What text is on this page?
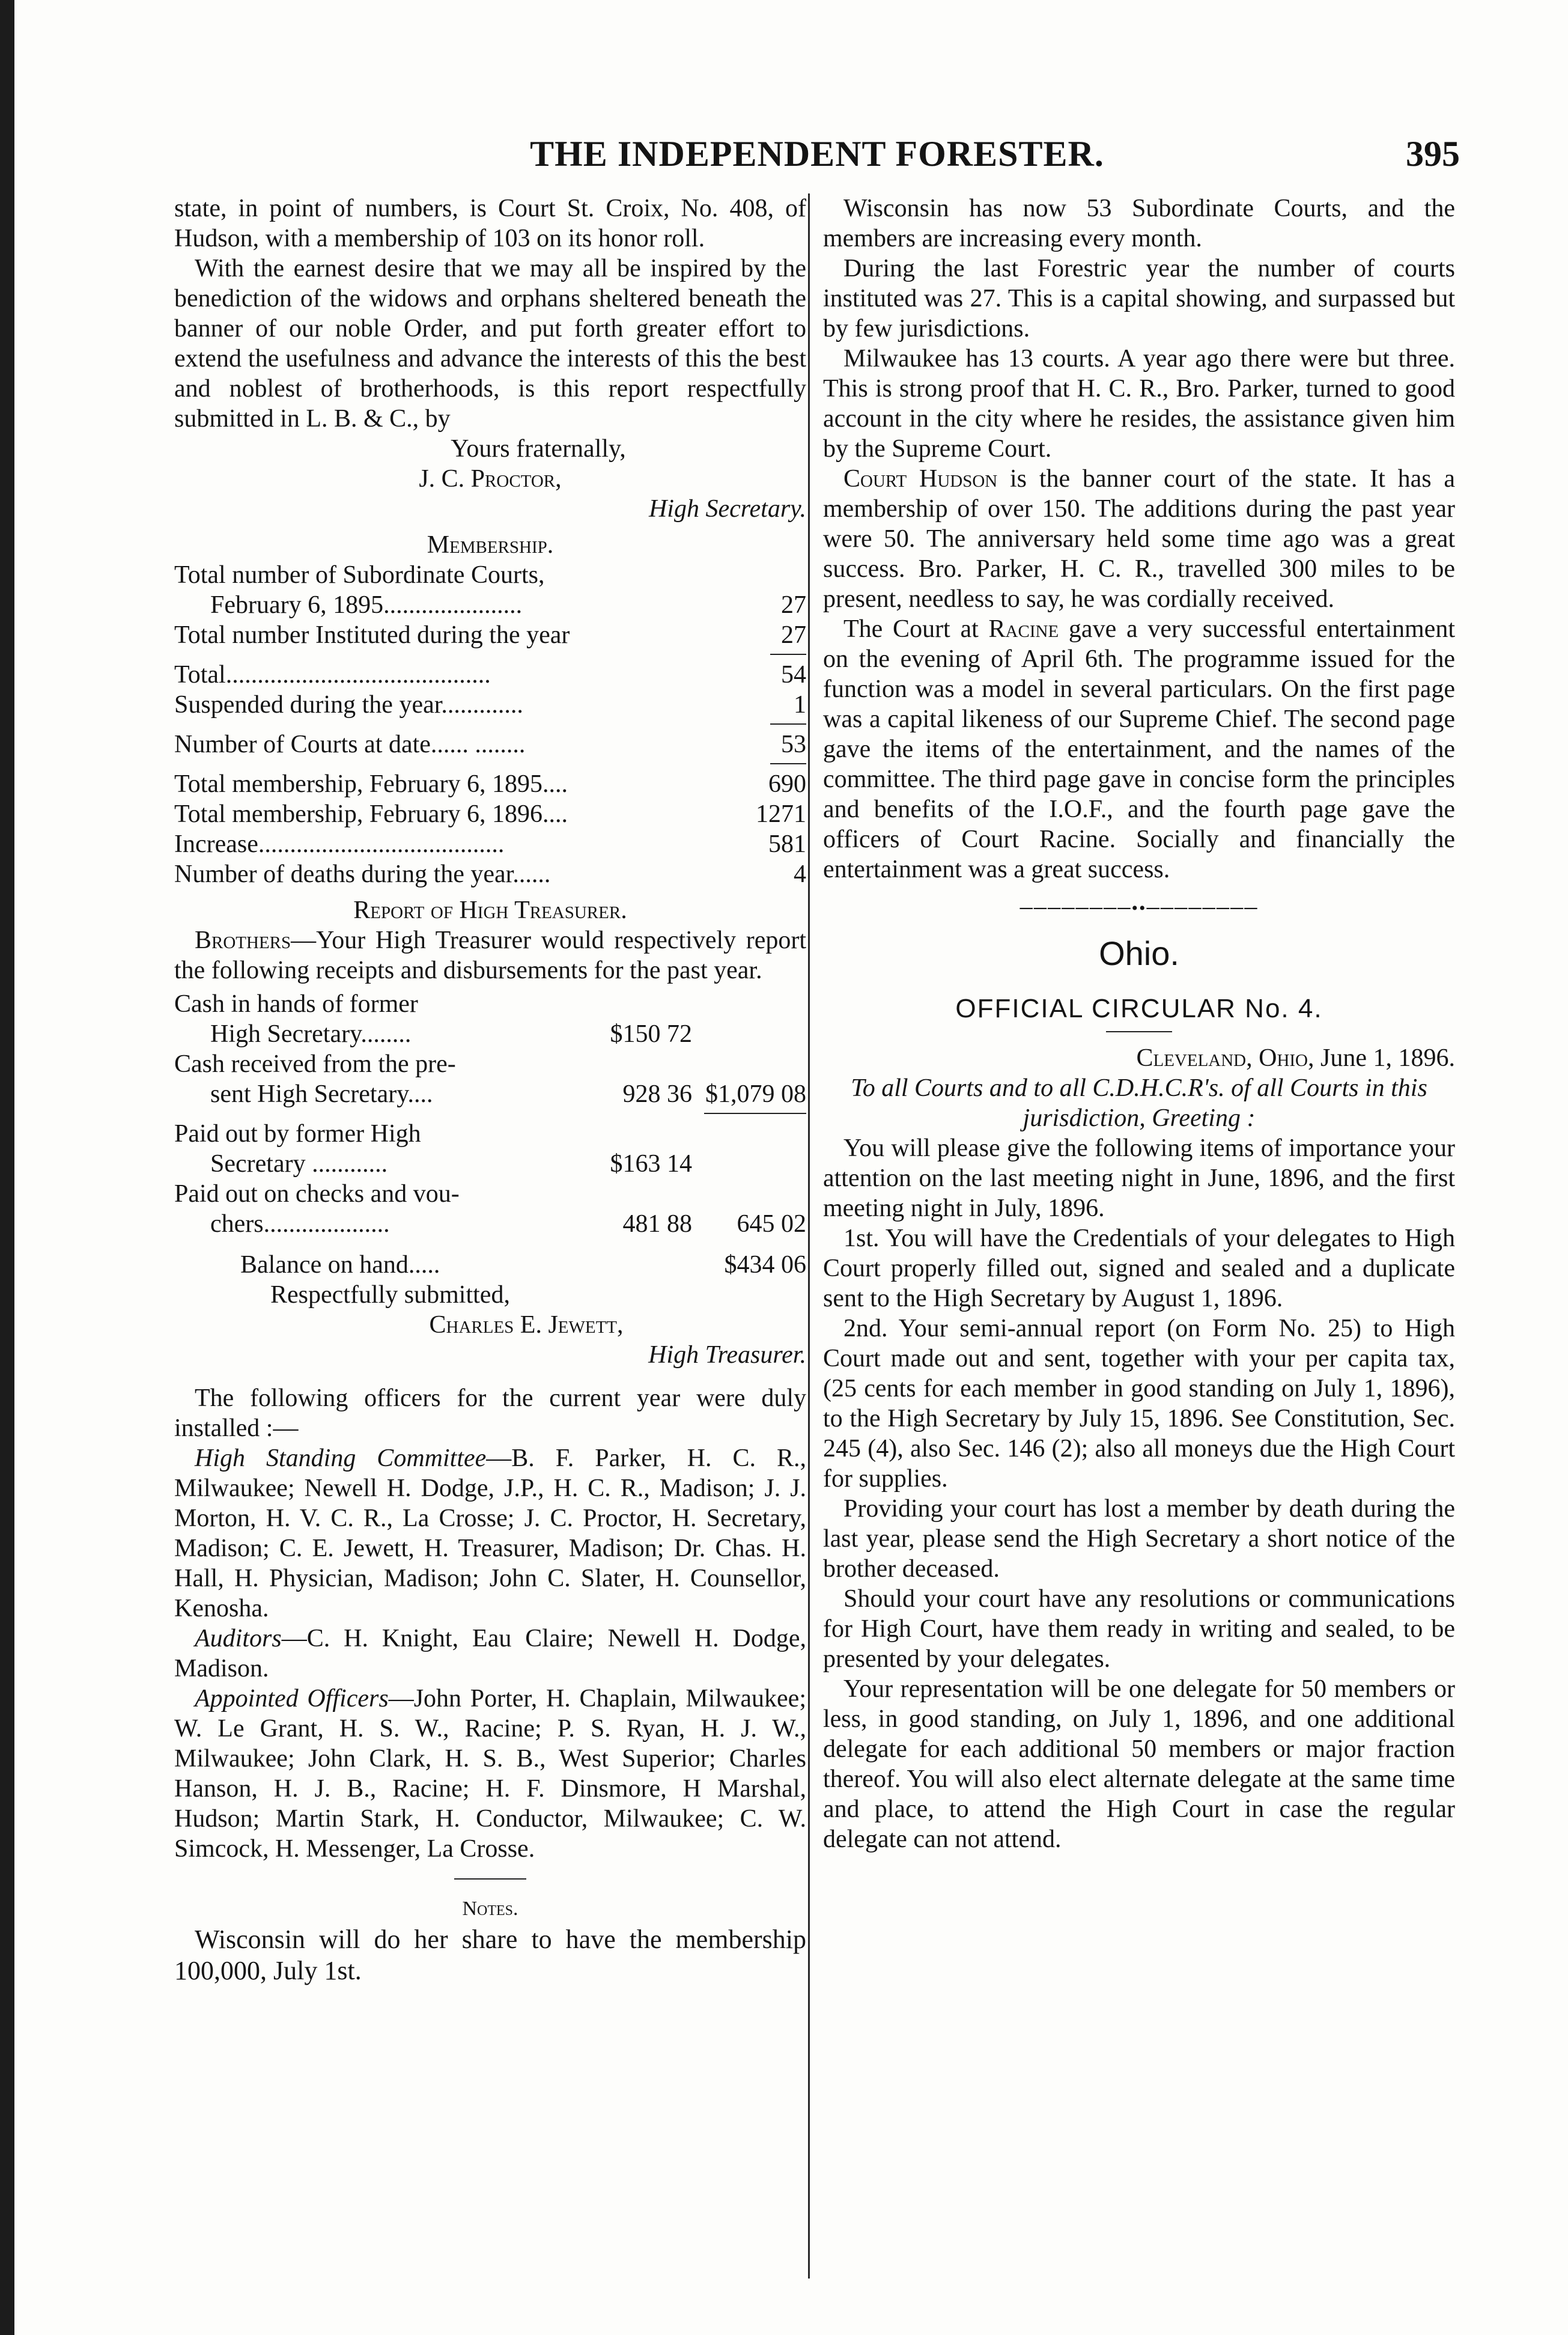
THE INDEPENDENT FORESTER.	395

state, in point of numbers, is Court St. Croix, No. 408, of Hudson, with a membership of 103 on its honor roll.

With the earnest desire that we may all be inspired by the benediction of the widows and orphans sheltered beneath the banner of our noble Order, and put forth greater effort to extend the usefulness and advance the interests of this the best and noblest of brotherhoods, is this report respectfully submitted in L. B. & C., by

Yours fraternally,

J. C. Proctor,

High Secretary.

Membership.

Total number of Subordinate Courts,
February 6, 1895......................	27
Total number Instituted during the year	27
Total..........................................	54
Suspended during the year.............	1
Number of Courts at date...... ........	53
Total membership, February 6, 1895....	690
Total membership, February 6, 1896....	1271
Increase.......................................	581
Number of deaths during the year......	4

Report of High Treasurer.

Brothers—Your High Treasurer would respectively report the following receipts and disbursements for the past year.

Cash in hands of former
High Secretary........	$150 72
Cash received from the pre-
sent High Secretary....	928 36 $1,079 08
Paid out by former High
Secretary ............	$163 14
Paid out on checks and vou-
chers....................	481 88	645 02
Balance on hand.....	$434 06

Respectfully submitted,

Charles E. Jewett,

High Treasurer.

The following officers for the current year were duly installed :—

High Standing Committee—B. F. Parker, H. C. R., Milwaukee; Newell H. Dodge, J.P., H. C. R., Madison; J. J. Morton, H. V. C. R., La Crosse; J. C. Proctor, H. Secretary, Madison; C. E. Jewett, H. Treasurer, Madison; Dr. Chas. H. Hall, H. Physician, Madison; John C. Slater, H. Counsellor, Kenosha.

Auditors—C. H. Knight, Eau Claire; Newell H. Dodge, Madison.

Appointed Officers—John Porter, H. Chaplain, Milwaukee; W. Le Grant, H. S. W., Racine; P. S. Ryan, H. J. W., Milwaukee; John Clark, H. S. B., West Superior; Charles Hanson, H. J. B., Racine; H. F. Dinsmore, H Marshal, Hudson; Martin Stark, H. Conductor, Milwaukee; C. W. Simcock, H. Messenger, La Crosse.

Notes.

Wisconsin will do her share to have the membership 100,000, July 1st.

Wisconsin has now 53 Subordinate Courts, and the members are increasing every month.

During the last Forestric year the number of courts instituted was 27. This is a capital showing, and surpassed but by few jurisdictions.

Milwaukee has 13 courts. A year ago there were but three. This is strong proof that H. C. R., Bro. Parker, turned to good account in the city where he resides, the assistance given him by the Supreme Court.

Court Hudson is the banner court of the state. It has a membership of over 150. The additions during the past year were 50. The anniversary held some time ago was a great success. Bro. Parker, H. C. R., travelled 300 miles to be present, needless to say, he was cordially received.

The Court at Racine gave a very successful entertainment on the evening of April 6th. The programme issued for the function was a model in several particulars. On the first page was a capital likeness of our Supreme Chief. The second page gave the items of the entertainment, and the names of the committee. The third page gave in concise form the principles and benefits of the I.O.F., and the fourth page gave the officers of Court Racine. Socially and financially the entertainment was a great success.

────────••────────
Ohio.
OFFICIAL CIRCULAR No. 4.

Cleveland, Ohio, June 1, 1896.

To all Courts and to all C.D.H.C.R's. of all Courts in this jurisdiction, Greeting :

You will please give the following items of importance your attention on the last meeting night in June, 1896, and the first meeting night in July, 1896.

1st. You will have the Credentials of your delegates to High Court properly filled out, signed and sealed and a duplicate sent to the High Secretary by August 1, 1896.

2nd. Your semi-annual report (on Form No. 25) to High Court made out and sent, together with your per capita tax, (25 cents for each member in good standing on July 1, 1896), to the High Secretary by July 15, 1896. See Constitution, Sec. 245 (4), also Sec. 146 (2); also all moneys due the High Court for supplies.

Providing your court has lost a member by death during the last year, please send the High Secretary a short notice of the brother deceased.

Should your court have any resolutions or communications for High Court, have them ready in writing and sealed, to be presented by your delegates.

Your representation will be one delegate for 50 members or less, in good standing, on July 1, 1896, and one additional delegate for each additional 50 members or major fraction thereof. You will also elect alternate delegate at the same time and place, to attend the High Court in case the regular delegate can not attend.
